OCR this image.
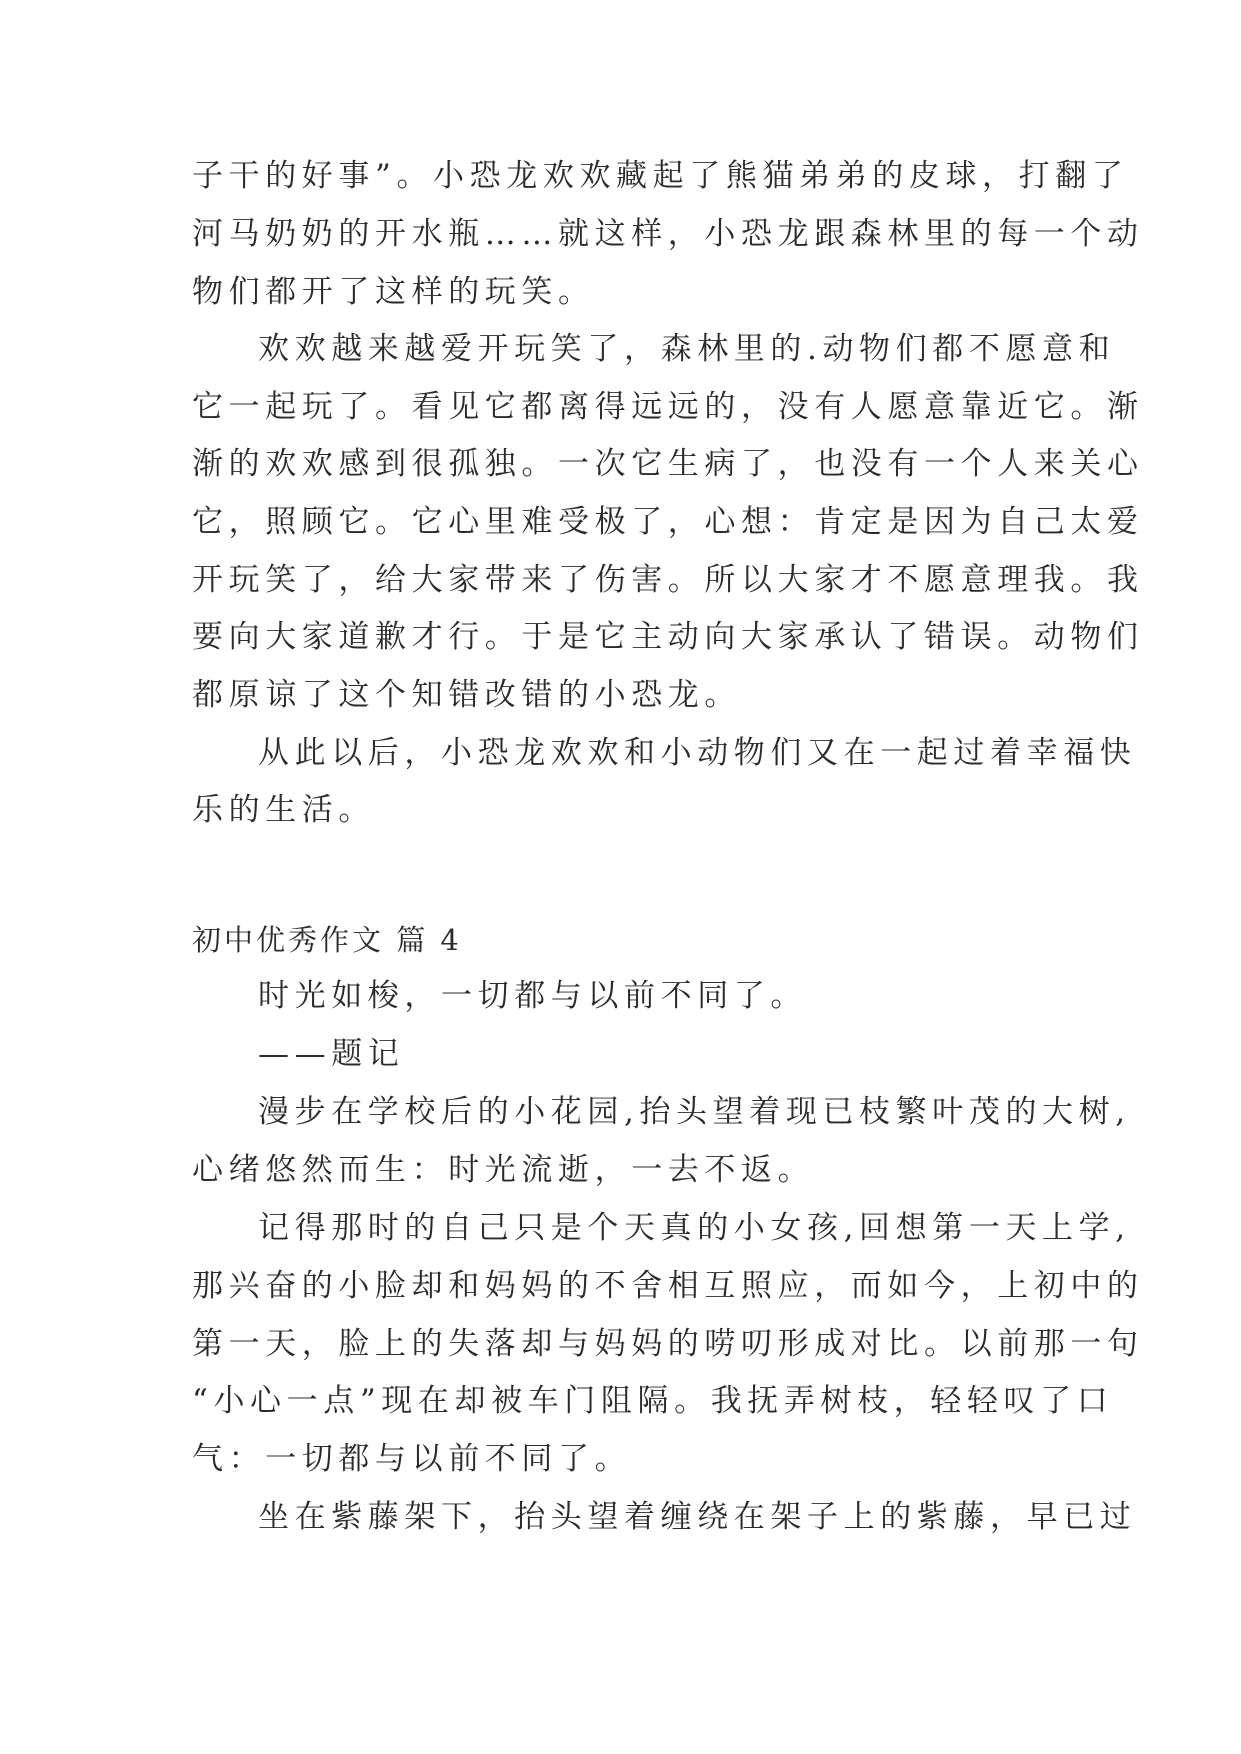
子干的好事”。小恐龙欢欢藏起了熊猫弟弟的皮球，打翻了
河马奶奶的开水瓶……就这样，小恐龙跟森林里的每一个动
物们都开了这样的玩笑。
欢欢越来越爱开玩笑了，森林里的.动物们都不愿意和
它一起玩了。看见它都离得远远的，没有人愿意靠近它。渐
渐的欢欢感到很孤独。一次它生病了，也没有一个人来关心
它，照顾它。它心里难受极了，心想：肯定是因为自己太爱
开玩笑了，给大家带来了伤害。所以大家才不愿意理我。我
要向大家道歉才行。于是它主动向大家承认了错误。动物们
都原谅了这个知错改错的小恐龙。
从此以后，小恐龙欢欢和小动物们又在一起过着幸福快
乐的生活。
初中优秀作文 篇 4
时光如梭，一切都与以前不同了。
——题记
漫步在学校后的小花园,抬头望着现已枝繁叶茂的大树,
心绪悠然而生：时光流逝，一去不返。
记得那时的自己只是个天真的小女孩,回想第一天上学,
那兴奋的小脸却和妈妈的不舍相互照应，而如今，上初中的
第一天，脸上的失落却与妈妈的唠叨形成对比。以前那一句
“小心一点”现在却被车门阻隔。我抚弄树枝，轻轻叹了口
气：一切都与以前不同了。
坐在紫藤架下，抬头望着缠绕在架子上的紫藤，早已过
